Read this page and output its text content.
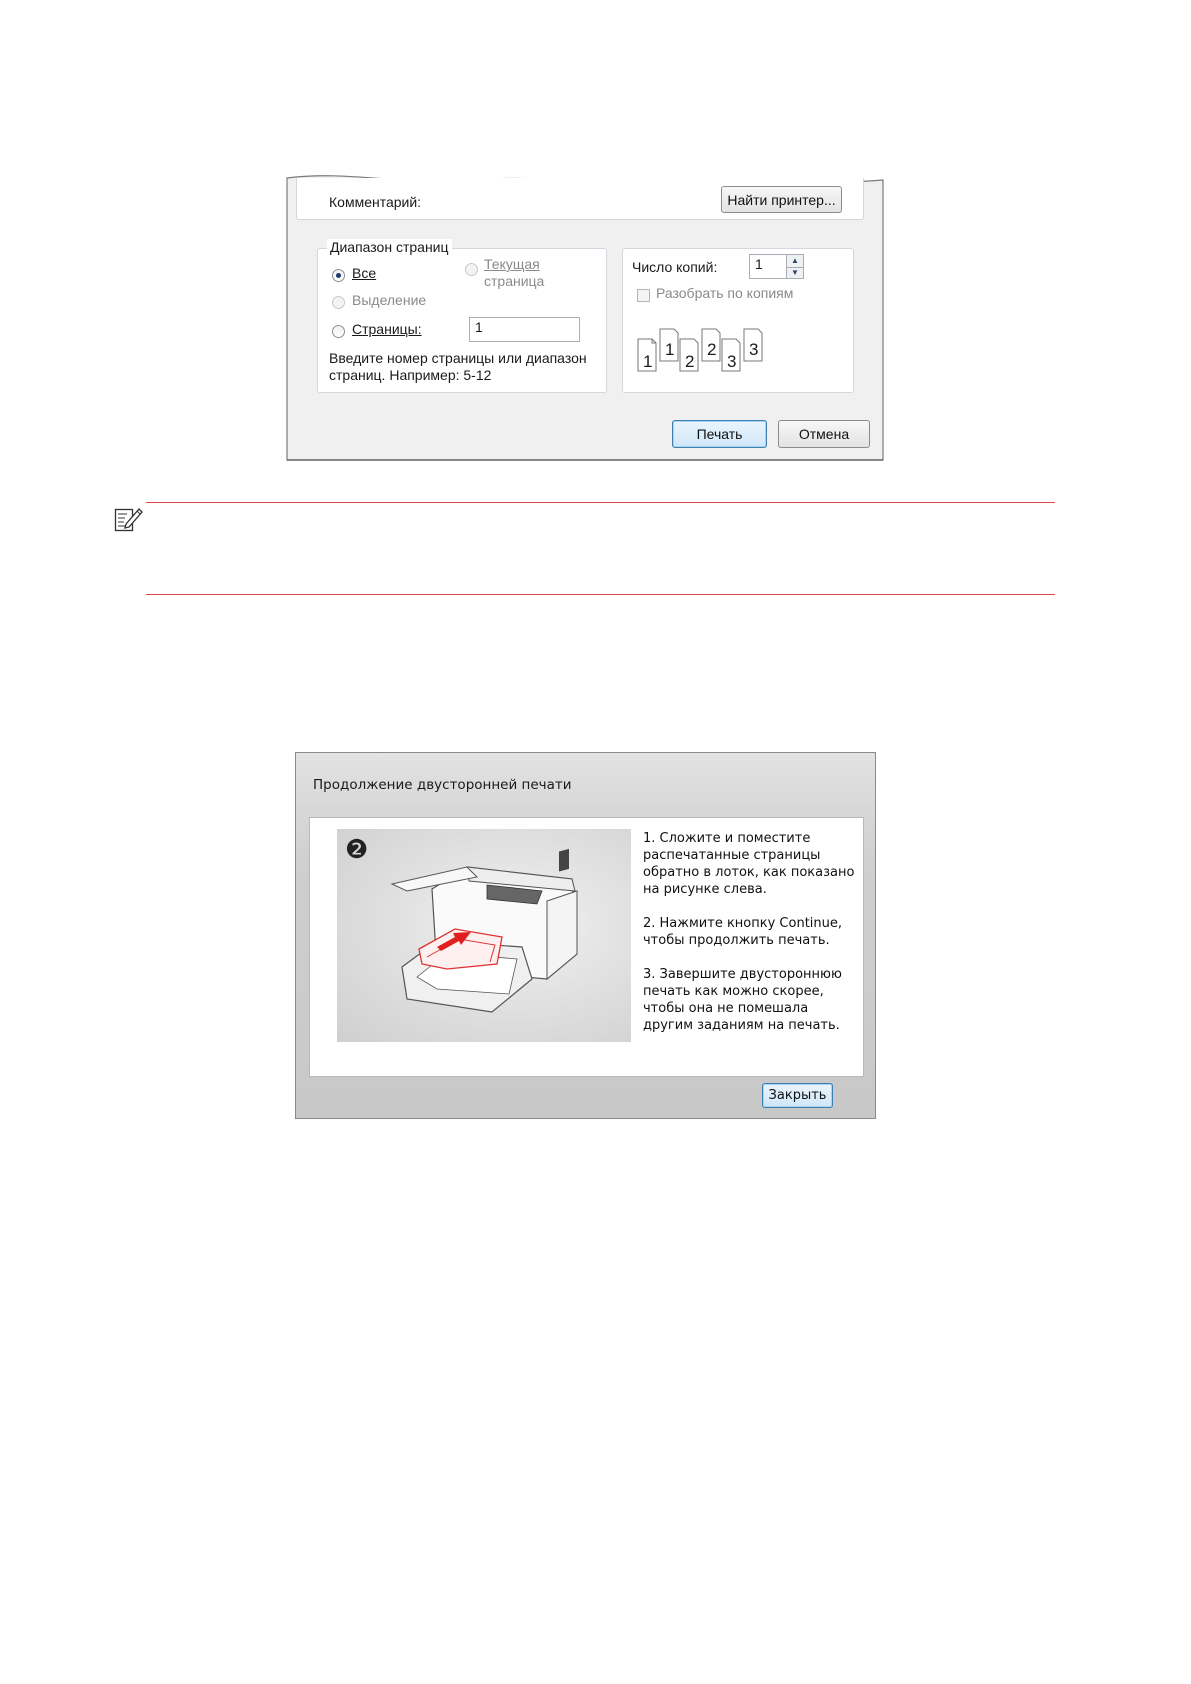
Комментарий:	Найти принтер...
Диапазон страниц
Все
Текущая
страница
Выделение
Страницы:	1
Введите номер страницы или диапазон
страниц. Например: 5-12
Число копий:	1	▲
▼
Разобрать по копиям
1
1
2
2
3
3
Печать	Отмена
Продолжение двусторонней печати
❷	1. Сложите и поместите распечатанные страницы обратно в лоток, как показано на рисунке слева.

2. Нажмите кнопку Continue, чтобы продолжить печать.

3. Завершите двустороннюю печать как можно скорее, чтобы она не помешала другим заданиям на печать.

Закрыть
